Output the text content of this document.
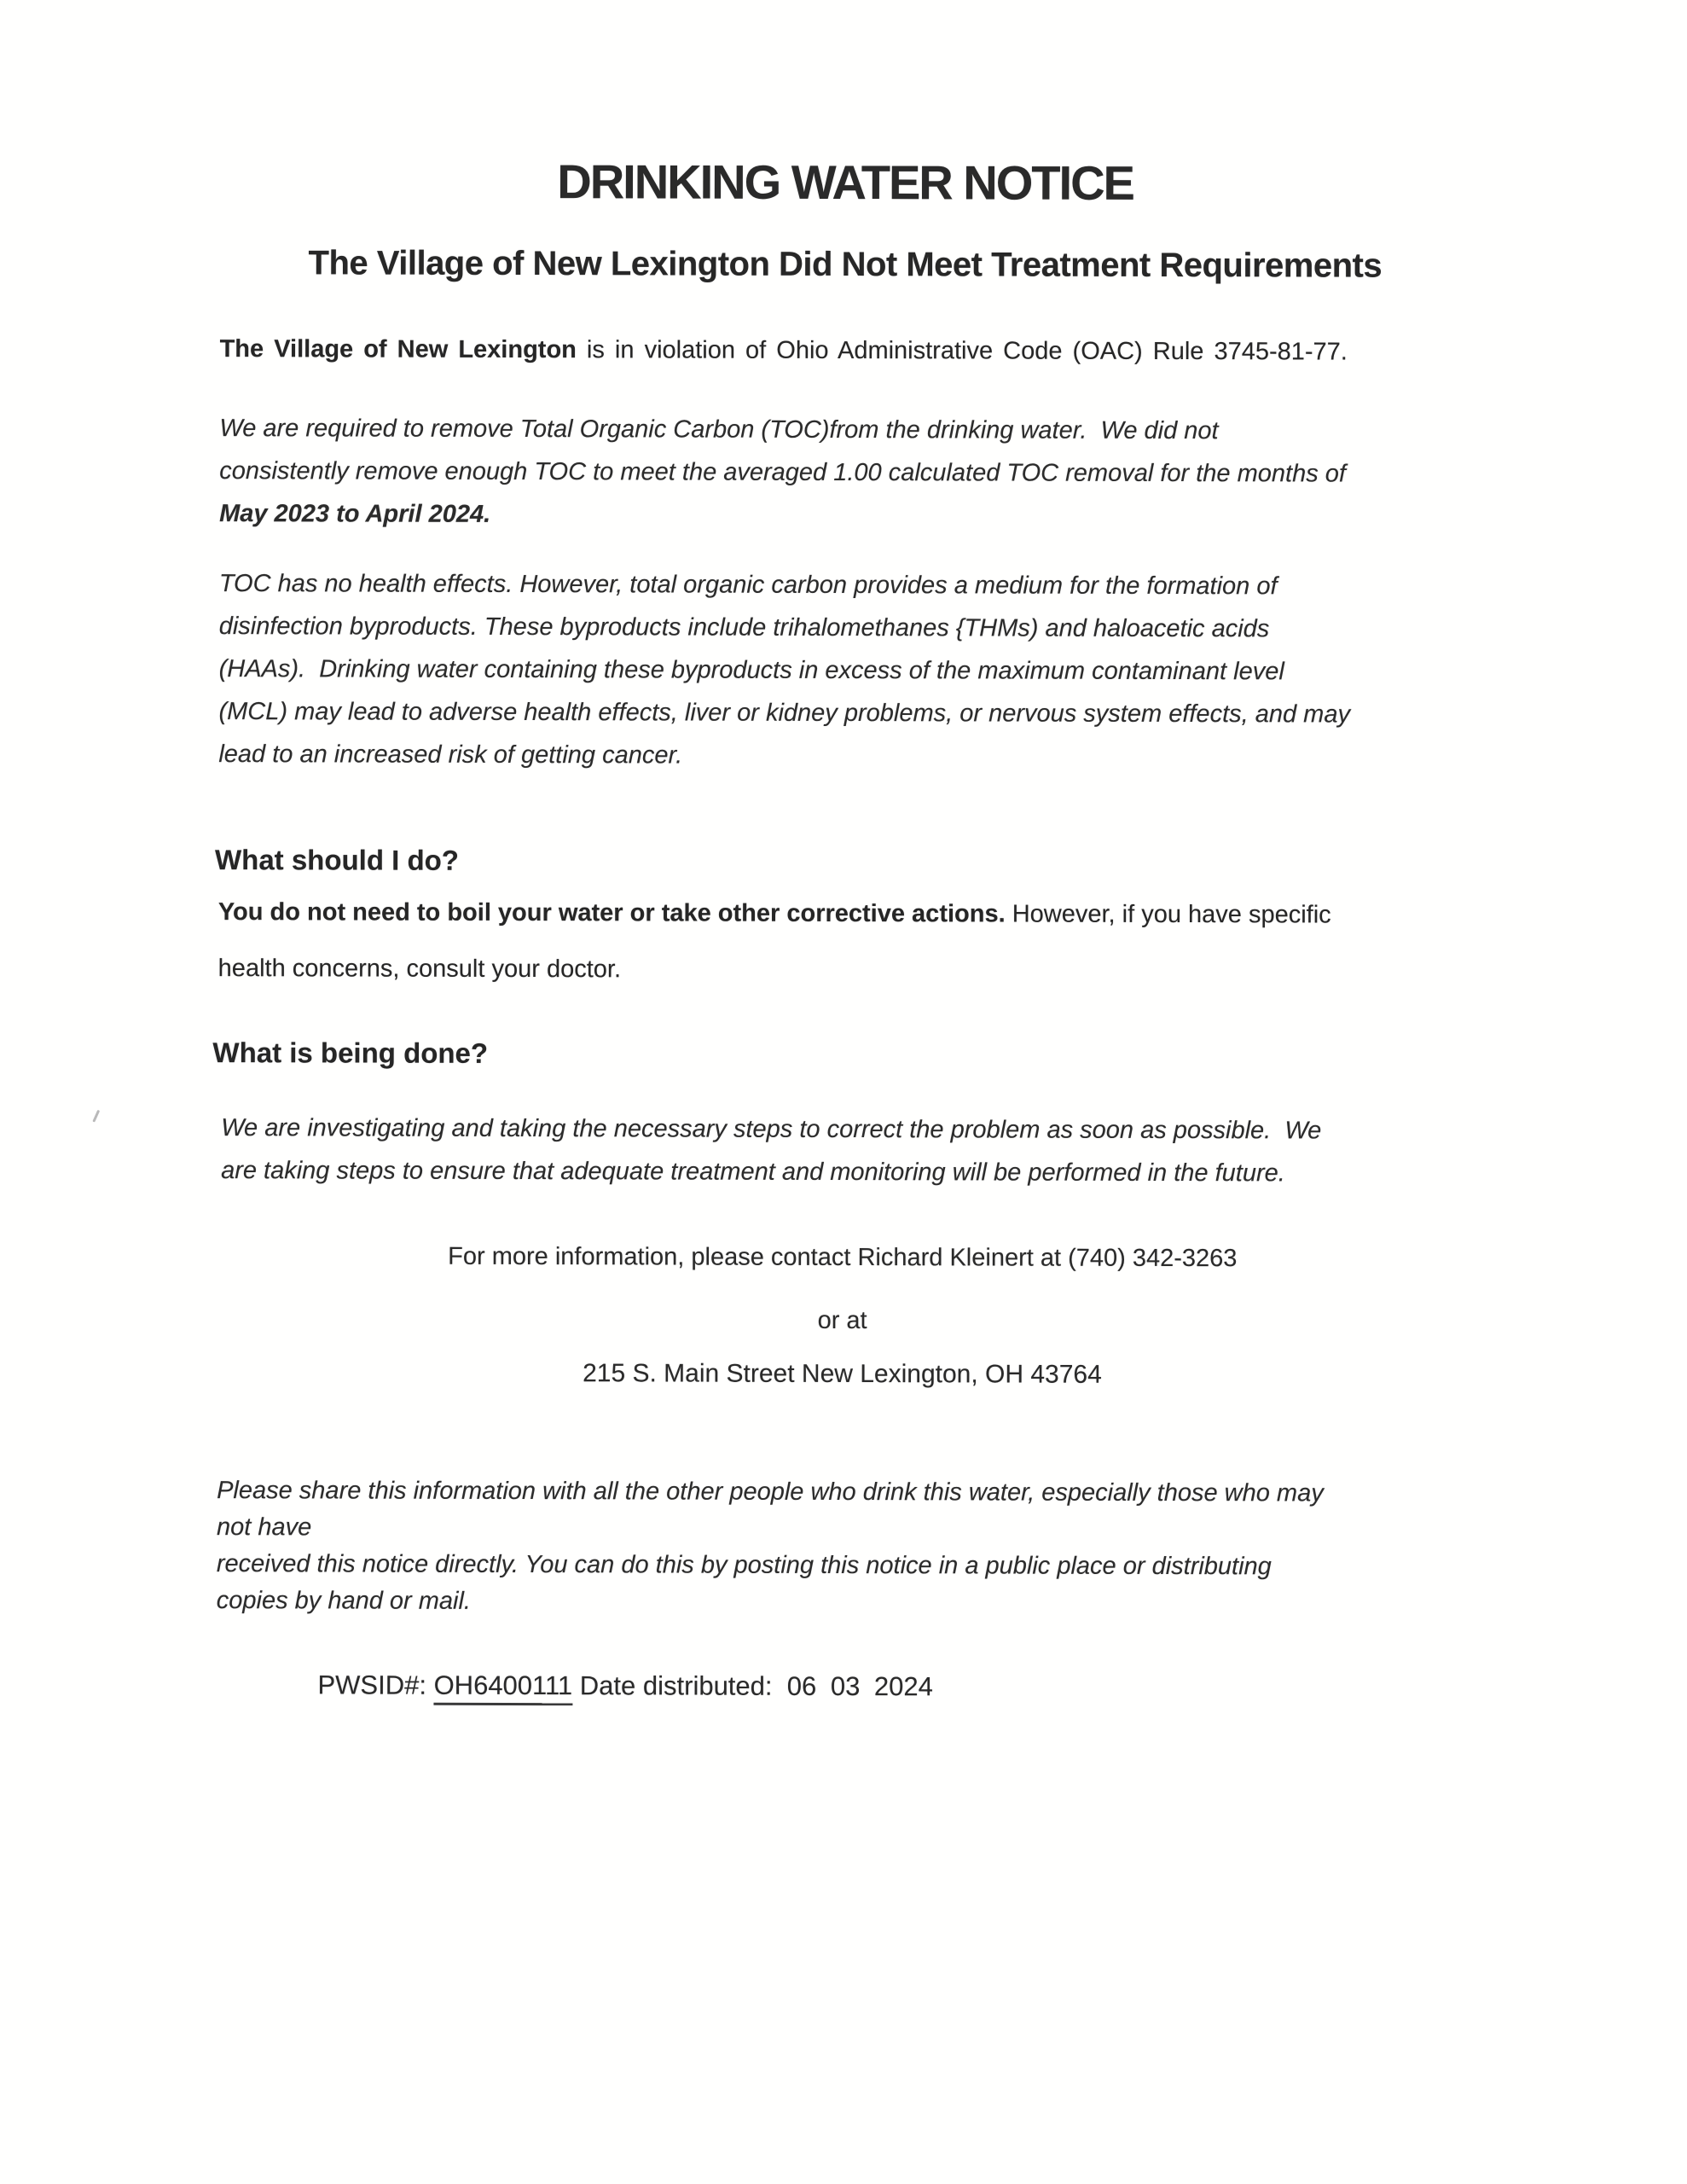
DRINKING WATER NOTICE
The Village of New Lexington Did Not Meet Treatment Requirements
The Village of New Lexington is in violation of Ohio Administrative Code (OAC) Rule 3745-81-77.
We are required to remove Total Organic Carbon (TOC)from the drinking water.  We did not
consistently remove enough TOC to meet the averaged 1.00 calculated TOC removal for the months of
May 2023 to April 2024.
TOC has no health effects. However, total organic carbon provides a medium for the formation of
disinfection byproducts. These byproducts include trihalomethanes {THMs) and haloacetic acids
(HAAs).  Drinking water containing these byproducts in excess of the maximum contaminant level
(MCL) may lead to adverse health effects, liver or kidney problems, or nervous system effects, and may
lead to an increased risk of getting cancer.
What should I do?
You do not need to boil your water or take other corrective actions. However, if you have specific
health concerns, consult your doctor.
What is being done?
We are investigating and taking the necessary steps to correct the problem as soon as possible.  We
are taking steps to ensure that adequate treatment and monitoring will be performed in the future.
For more information, please contact Richard Kleinert at (740) 342-3263
or at
215 S. Main Street New Lexington, OH 43764
Please share this information with all the other people who drink this water, especially those who may
not have
received this notice directly. You can do this by posting this notice in a public place or distributing
copies by hand or mail.
PWSID#: OH6400111 Date distributed:  06 03 2024
